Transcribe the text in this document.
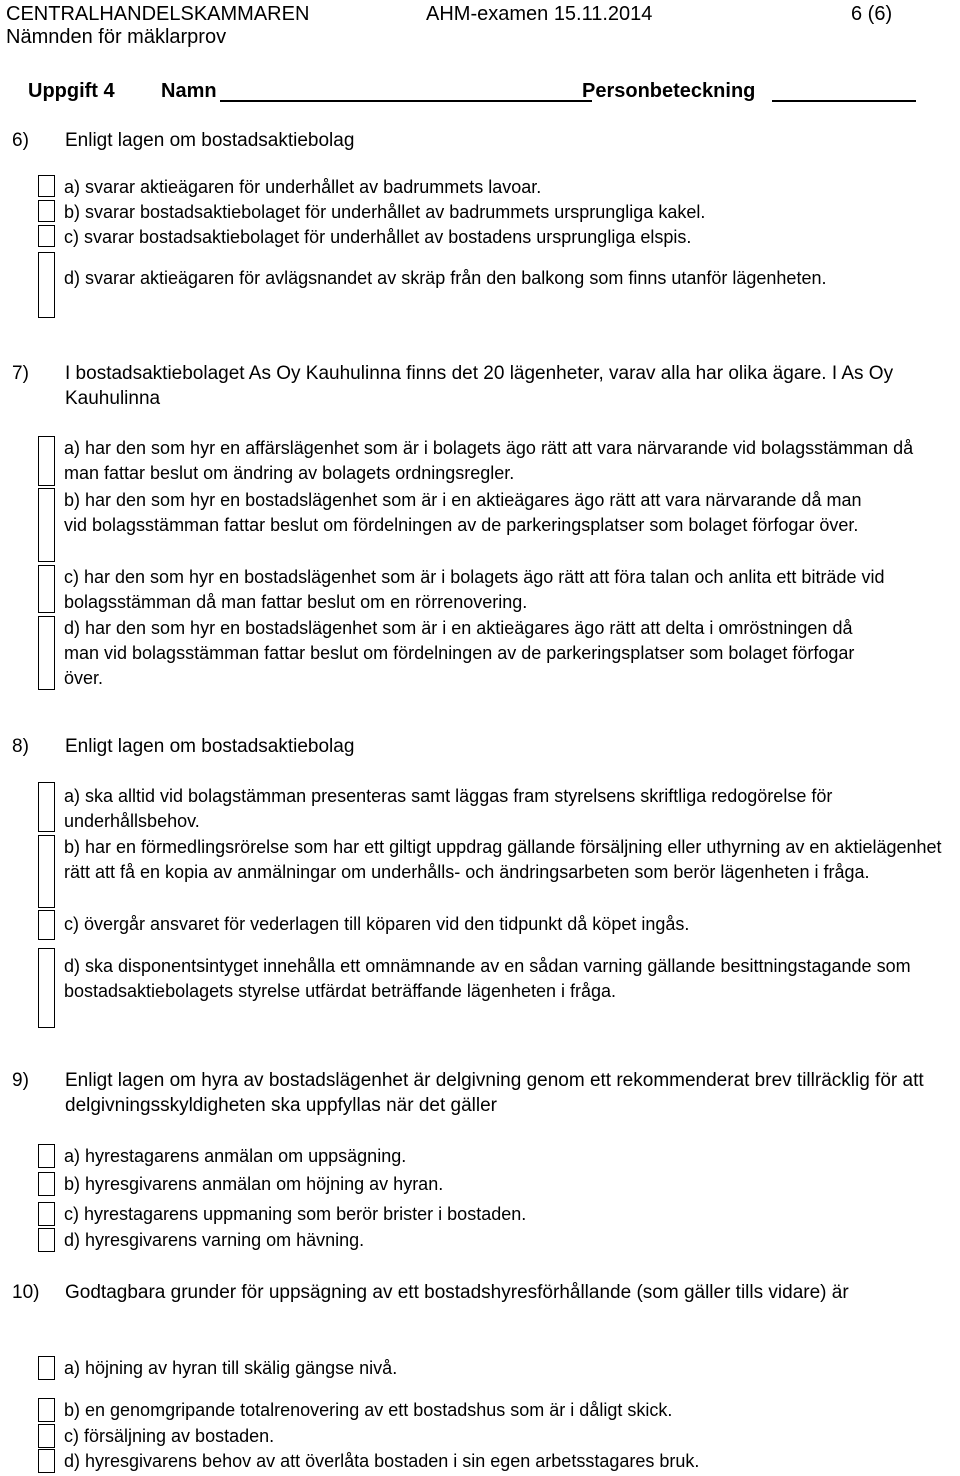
CENTRALHANDELSKAMMAREN	AHM-examen 15.11.2014	6 (6)
Nämnden för mäklarprov
Uppgift 4 Namn	Personbeteckning
6) Enligt lagen om bostadsaktiebolag
a) svarar aktieägaren för underhållet av badrummets lavoar.
b) svarar bostadsaktiebolaget för underhållet av badrummets ursprungliga kakel.
c) svarar bostadsaktiebolaget för underhållet av bostadens ursprungliga elspis.
d) svarar aktieägaren för avlägsnandet av skräp från den balkong som finns utanför lägenheten.
7) I bostadsaktiebolaget As Oy Kauhulinna finns det 20 lägenheter, varav alla har olika ägare. I As Oy Kauhulinna
a) har den som hyr en affärslägenhet som är i bolagets ägo rätt att vara närvarande vid bolagsstämman då man fattar beslut om ändring av bolagets ordningsregler.
b) har den som hyr en bostadslägenhet som är i en aktieägares ägo rätt att vara närvarande då man vid bolagsstämman fattar beslut om fördelningen av de parkeringsplatser som bolaget förfogar över.
c) har den som hyr en bostadslägenhet som är i bolagets ägo rätt att föra talan och anlita ett biträde vid bolagsstämman då man fattar beslut om en rörrenovering.
d) har den som hyr en bostadslägenhet som är i en aktieägares ägo rätt att delta i omröstningen då man vid bolagsstämman fattar beslut om fördelningen av de parkeringsplatser som bolaget förfogar över.
8) Enligt lagen om bostadsaktiebolag
a) ska alltid vid bolagstämman presenteras samt läggas fram styrelsens skriftliga redogörelse för underhållsbehov.
b) har en förmedlingsrörelse som har ett giltigt uppdrag gällande försäljning eller uthyrning av en aktielägenhet rätt att få en kopia av anmälningar om underhålls- och ändringsarbeten som berör lägenheten i fråga.
c) övergår ansvaret för vederlagen till köparen vid den tidpunkt då köpet ingås.
d) ska disponentsintyget innehålla ett omnämnande av en sådan varning gällande besittningstagande som bostadsaktiebolagets styrelse utfärdat beträffande lägenheten i fråga.
9) Enligt lagen om hyra av bostadslägenhet är delgivning genom ett rekommenderat brev tillräcklig för att delgivningsskyldigheten ska uppfyllas när det gäller
a) hyrestagarens anmälan om uppsägning.
b) hyresgivarens anmälan om höjning av hyran.
c) hyrestagarens uppmaning som berör brister i bostaden.
d) hyresgivarens varning om hävning.
10) Godtagbara grunder för uppsägning av ett bostadshyresförhållande (som gäller tills vidare) är
a) höjning av hyran till skälig gängse nivå.
b) en genomgripande totalrenovering av ett bostadshus som är i dåligt skick.
c) försäljning av bostaden.
d) hyresgivarens behov av att överlåta bostaden i sin egen arbetsstagares bruk.
